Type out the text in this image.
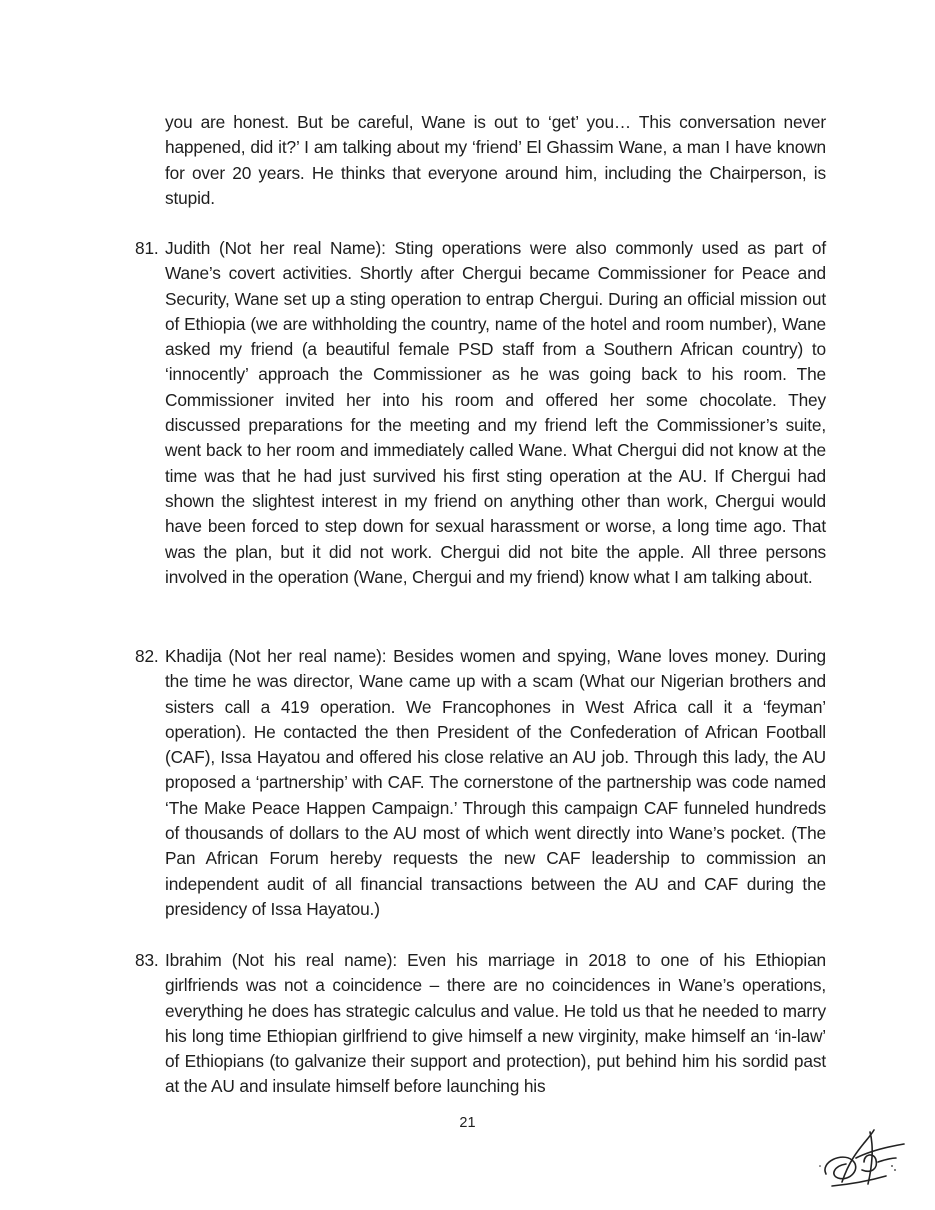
you are honest. But be careful, Wane is out to ‘get’ you… This conversation never happened, did it?’ I am talking about my ‘friend’ El Ghassim Wane, a man I have known for over 20 years. He thinks that everyone around him, including the Chairperson, is stupid.

81. Judith (Not her real Name): Sting operations were also commonly used as part of Wane’s covert activities. Shortly after Chergui became Commissioner for Peace and Security, Wane set up a sting operation to entrap Chergui. During an official mission out of Ethiopia (we are withholding the country, name of the hotel and room number), Wane asked my friend (a beautiful female PSD staff from a Southern African country) to ‘innocently’ approach the Commissioner as he was going back to his room. The Commissioner invited her into his room and offered her some chocolate. They discussed preparations for the meeting and my friend left the Commissioner’s suite, went back to her room and immediately called Wane. What Chergui did not know at the time was that he had just survived his first sting operation at the AU. If Chergui had shown the slightest interest in my friend on anything other than work, Chergui would have been forced to step down for sexual harassment or worse, a long time ago. That was the plan, but it did not work. Chergui did not bite the apple. All three persons involved in the operation (Wane, Chergui and my friend) know what I am talking about.

82. Khadija (Not her real name): Besides women and spying, Wane loves money. During the time he was director, Wane came up with a scam (What our Nigerian brothers and sisters call a 419 operation. We Francophones in West Africa call it a ‘feyman’ operation). He contacted the then President of the Confederation of African Football (CAF), Issa Hayatou and offered his close relative an AU job. Through this lady, the AU proposed a ‘partnership’ with CAF. The cornerstone of the partnership was code named ‘The Make Peace Happen Campaign.’ Through this campaign CAF funneled hundreds of thousands of dollars to the AU most of which went directly into Wane’s pocket. (The Pan African Forum hereby requests the new CAF leadership to commission an independent audit of all financial transactions between the AU and CAF during the presidency of Issa Hayatou.)

83. Ibrahim (Not his real name): Even his marriage in 2018 to one of his Ethiopian girlfriends was not a coincidence – there are no coincidences in Wane’s operations, everything he does has strategic calculus and value. He told us that he needed to marry his long time Ethiopian girlfriend to give himself a new virginity, make himself an ‘in-law’ of Ethiopians (to galvanize their support and protection), put behind him his sordid past at the AU and insulate himself before launching his

21
